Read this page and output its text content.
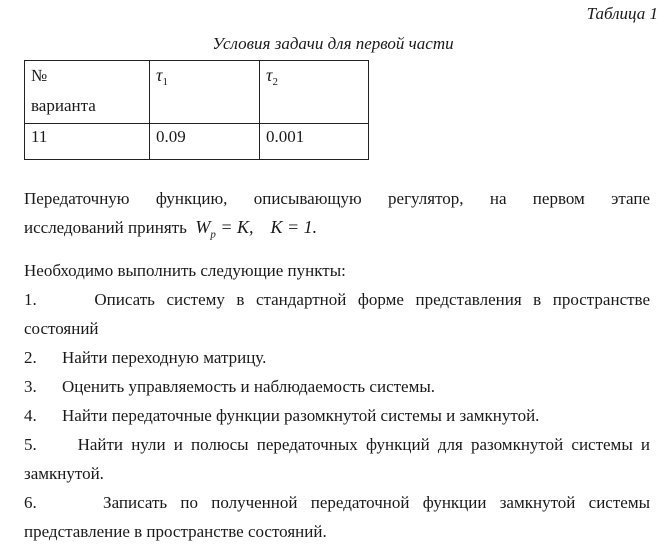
Таблица 1
Условия задачи для первой части
№
варианта	$\tau_1$	$\tau_2$
11	0.09	0.001

Передаточную функцию, описывающую регулятор, на первом этапе
исследований принять $W_p = K$, K = 1.

Необходимо выполнить следующие пункты:

1.	Описать систему в стандартной форме представления в пространстве
состояний
2.	Найти переходную матрицу.
3.	Оценить управляемость и наблюдаемость системы.
4.	Найти передаточные функции разомкнутой системы и замкнутой.
5. Найти нули и полюсы передаточных функций для разомкнутой системы и
замкнутой.
6.	Записать по полученной передаточной функции замкнутой системы
представление в пространстве состояний.
